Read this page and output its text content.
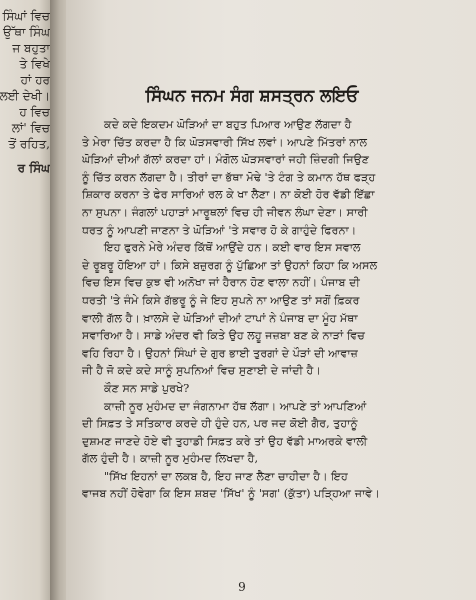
ਸਿੰਘਾਂ ਵਿਚ
ਉੱਥਾ ਸਿੰਘ
ਜ ਬਹੁਤਾ
ਤੇ ਵਿਖੇ
ਹਾਂ ਹਰ
ਲਈ ਦੇਖੀ।
ਹ ਵਿਚ
ਲਾਂ' ਵਿਚ
ਤੋਂ ਰਹਿਤ,
ਰ ਸਿੰਘ
ਸਿੰਘਨ ਜਨਮ ਸੰਗ ਸ਼ਸਤ੍ਰਨ ਲਇਓ

ਕਦੇ ਕਦੇ ਇਕਦਮ ਘੋੜਿਆਂ ਦਾ ਬਹੁਤ ਪਿਆਰ ਆਉਣ ਲੱਗਦਾ ਹੈ
ਤੇ ਮੇਰਾ ਚਿੱਤ ਕਰਦਾ ਹੈ ਕਿ ਘੋੜਸਵਾਰੀ ਸਿੱਖ ਲਵਾਂ। ਆਪਣੇ ਮਿੱਤਰਾਂ ਨਾਲ
ਘੋੜਿਆਂ ਦੀਆਂ ਗੱਲਾਂ ਕਰਦਾ ਹਾਂ। ਮੰਗੋਲ ਘੋੜਸਵਾਰਾਂ ਜਹੀ ਜ਼ਿੰਦਗੀ ਜਿਉਣ
ਨੂੰ ਚਿੱਤ ਕਰਨ ਲੱਗਦਾ ਹੈ। ਤੀਰਾਂ ਦਾ ਭੱਥਾ ਮੋਢੇ 'ਤੇ ਟੰਗ ਤੇ ਕਮਾਨ ਹੱਥ ਫੜ੍ਹ
ਸ਼ਿਕਾਰ ਕਰਨਾ ਤੇ ਫੇਰ ਸਾਰਿਆਂ ਰਲ ਕੇ ਖਾ ਲੈਣਾ। ਨਾ ਕੋਈ ਹੋਰ ਵੱਡੀ ਇੱਛਾ
ਨਾ ਸੁਪਨਾ। ਜੰਗਲਾਂ ਪਹਾੜਾਂ ਮਾਰੂਥਲਾਂ ਵਿਚ ਹੀ ਜੀਵਨ ਲੰਘਾ ਦੇਣਾ। ਸਾਰੀ
ਧਰਤ ਨੂੰ ਆਪਣੀ ਜਾਣਨਾ ਤੇ ਘੋੜਿਆਂ 'ਤੇ ਸਵਾਰ ਹੋ ਕੇ ਗਾਹੁੰਦੇ ਫਿਰਨਾ।

ਇਹ ਫੁਰਨੇ ਮੇਰੇ ਅੰਦਰ ਕਿੱਥੋਂ ਆਉਂਦੇ ਹਨ। ਕਈ ਵਾਰ ਇਸ ਸਵਾਲ
ਦੇ ਰੂਬਰੂ ਹੋਇਆ ਹਾਂ। ਕਿਸੇ ਬਜ਼ੁਰਗ ਨੂੰ ਪੁੱਛਿਆ ਤਾਂ ਉਹਨਾਂ ਕਿਹਾ ਕਿ ਅਸਲ
ਵਿਚ ਇਸ ਵਿਚ ਕੁਝ ਵੀ ਅਨੋਖਾ ਜਾਂ ਹੈਰਾਨ ਹੋਣ ਵਾਲਾ ਨਹੀਂ। ਪੰਜਾਬ ਦੀ
ਧਰਤੀ 'ਤੇ ਜੰਮੇ ਕਿਸੇ ਗੱਭਰੂ ਨੂੰ ਜੇ ਇਹ ਸੁਪਨੇ ਨਾ ਆਉਣ ਤਾਂ ਸਗੋਂ ਫ਼ਿਕਰ
ਵਾਲੀ ਗੱਲ ਹੈ। ਖ਼ਾਲਸੇ ਦੇ ਘੋੜਿਆਂ ਦੀਆਂ ਟਾਪਾਂ ਨੇ ਪੰਜਾਬ ਦਾ ਮੂੰਹ ਮੱਥਾ
ਸਵਾਰਿਆ ਹੈ। ਸਾਡੇ ਅੰਦਰ ਵੀ ਕਿਤੇ ਉਹ ਲਹੂ ਜਜ਼ਬਾ ਬਣ ਕੇ ਨਾੜਾਂ ਵਿਚ
ਵਹਿ ਰਿਹਾ ਹੈ। ਉਹਨਾਂ ਸਿੰਘਾਂ ਦੇ ਗੁਰ ਭਾਈ ਤੁਰਗਾਂ ਦੇ ਪੌੜਾਂ ਦੀ ਆਵਾਜ਼
ਜੀ ਹੈ ਜੋ ਕਦੇ ਕਦੇ ਸਾਨੂੰ ਸੁਪਨਿਆਂ ਵਿਚ ਸੁਣਾਈ ਦੇ ਜਾਂਦੀ ਹੈ।

ਕੌਣ ਸਨ ਸਾਡੇ ਪੁਰਖੇ?

ਕਾਜ਼ੀ ਨੂਰ ਮੁਹੰਮਦ ਦਾ ਜੰਗਨਾਮਾ ਹੱਥ ਲੱਗਾ। ਆਪਣੇ ਤਾਂ ਆਪਣਿਆਂ
ਦੀ ਸਿਫ਼ਤ ਤੇ ਸਤਿਕਾਰ ਕਰਦੇ ਹੀ ਹੁੰਦੇ ਹਨ, ਪਰ ਜਦ ਕੋਈ ਗੈਰ, ਤੁਹਾਨੂੰ
ਦੁਸ਼ਮਣ ਜਾਣਦੇ ਹੋਏ ਵੀ ਤੁਹਾਡੀ ਸਿਫ਼ਤ ਕਰੇ ਤਾਂ ਉਹ ਵੱਡੀ ਮਾਅਰਕੇ ਵਾਲੀ
ਗੱਲ ਹੁੰਦੀ ਹੈ। ਕਾਜ਼ੀ ਨੂਰ ਮੁਹੰਮਦ ਲਿਖਦਾ ਹੈ,

"ਸਿੱਖ ਇਹਨਾਂ ਦਾ ਲਕਬ ਹੈ, ਇਹ ਜਾਣ ਲੈਣਾ ਚਾਹੀਦਾ ਹੈ। ਇਹ
ਵਾਜਬ ਨਹੀਂ ਹੋਵੇਗਾ ਕਿ ਇਸ ਸ਼ਬਦ 'ਸਿੱਖ' ਨੂੰ 'ਸਗ' (ਕੁੱਤਾ) ਪੜ੍ਹਿਆ ਜਾਵੇ।

9
